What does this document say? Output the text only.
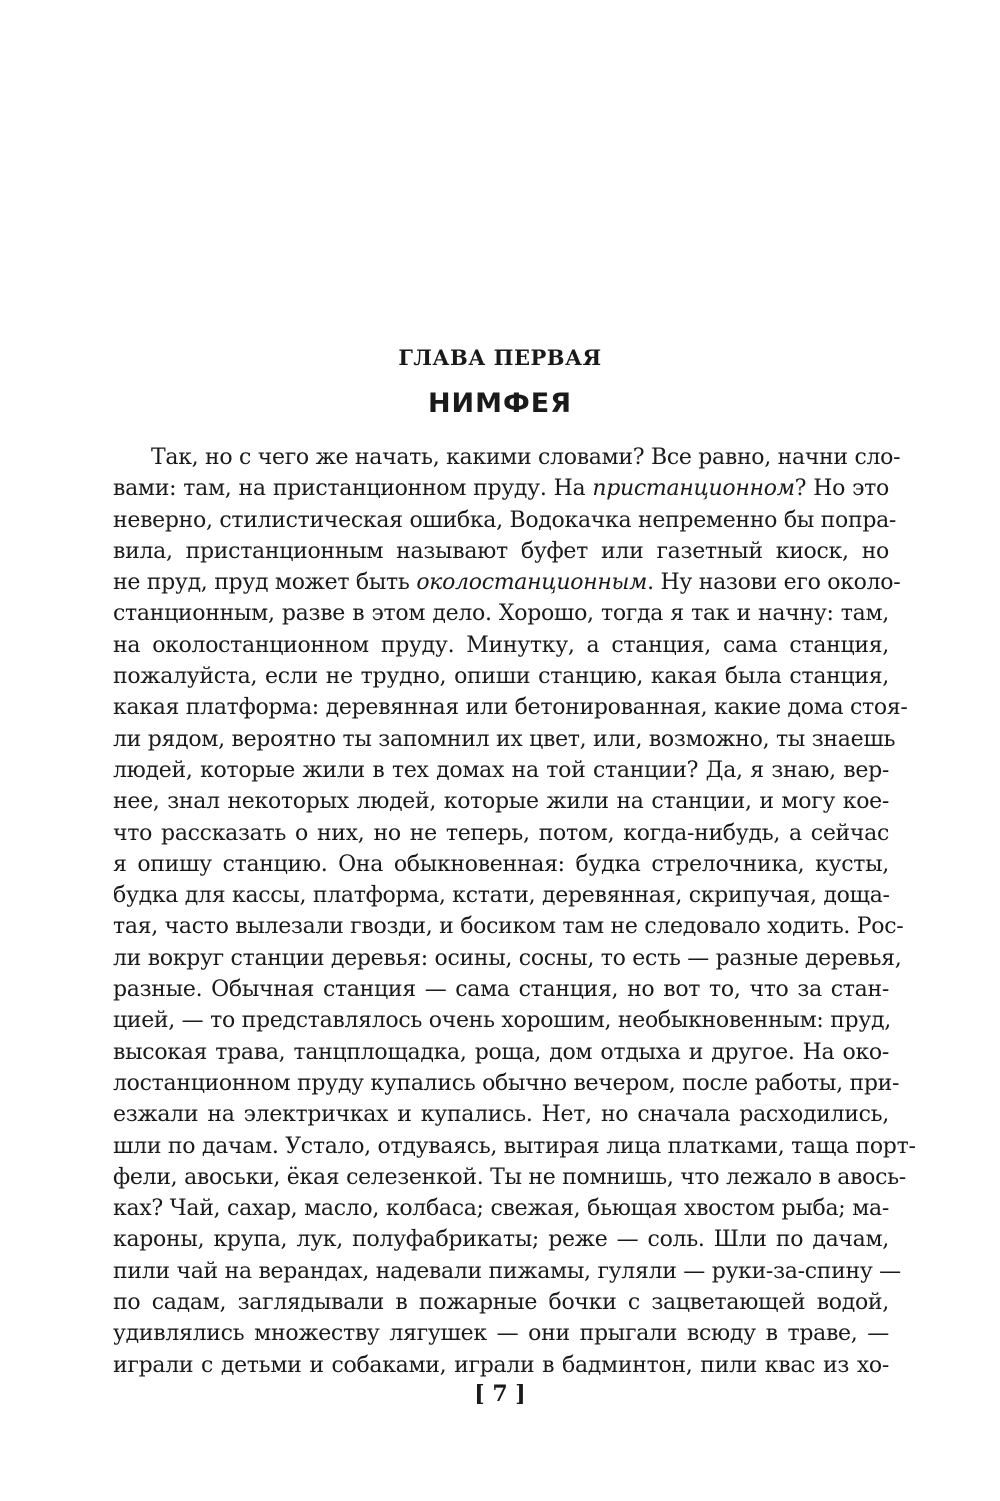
ГЛАВА ПЕРВАЯ
НИМФЕЯ
Так, но с чего же начать, какими словами? Все равно, начни сло-
вами: там, на пристанционном пруду. На пристанционном? Но это
неверно, стилистическая ошибка, Водокачка непременно бы попра-
вила, пристанционным называют буфет или газетный киоск, но
не пруд, пруд может быть околостанционным. Ну назови его около-
станционным, разве в этом дело. Хорошо, тогда я так и начну: там,
на околостанционном пруду. Минутку, а станция, сама станция,
пожалуйста, если не трудно, опиши станцию, какая была станция,
какая платформа: деревянная или бетонированная, какие дома стоя-
ли рядом, вероятно ты запомнил их цвет, или, возможно, ты знаешь
людей, которые жили в тех домах на той станции? Да, я знаю, вер-
нее, знал некоторых людей, которые жили на станции, и могу кое-
что рассказать о них, но не теперь, потом, когда-нибудь, а сейчас
я опишу станцию. Она обыкновенная: будка стрелочника, кусты,
будка для кассы, платформа, кстати, деревянная, скрипучая, доща-
тая, часто вылезали гвозди, и босиком там не следовало ходить. Рос-
ли вокруг станции деревья: осины, сосны, то есть — разные деревья,
разные. Обычная станция — сама станция, но вот то, что за стан-
цией, — то представлялось очень хорошим, необыкновенным: пруд,
высокая трава, танцплощадка, роща, дом отдыха и другое. На око-
лостанционном пруду купались обычно вечером, после работы, при-
езжали на электричках и купались. Нет, но сначала расходились,
шли по дачам. Устало, отдуваясь, вытирая лица платками, таща порт-
фели, авоськи, ёкая селезенкой. Ты не помнишь, что лежало в авось-
ках? Чай, сахар, масло, колбаса; свежая, бьющая хвостом рыба; ма-
кароны, крупа, лук, полуфабрикаты; реже — соль. Шли по дачам,
пили чай на верандах, надевали пижамы, гуляли — руки-за-спину —
по садам, заглядывали в пожарные бочки с зацветающей водой,
удивлялись множеству лягушек — они прыгали всюду в траве, —
играли с детьми и собаками, играли в бадминтон, пили квас из хо-
[ 7 ]
